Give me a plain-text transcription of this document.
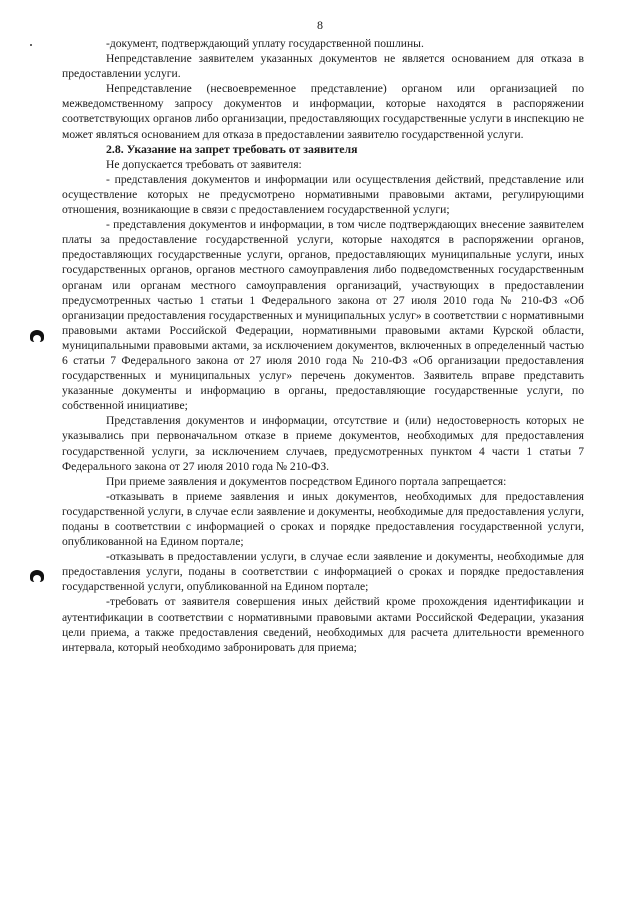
8

-документ, подтверждающий уплату государственной пошлины.

Непредставление заявителем указанных документов не является основанием для отказа в предоставлении услуги.

Непредставление (несвоевременное представление) органом или организацией по межведомственному запросу документов и информации, которые находятся в распоряжении соответствующих органов либо организации, предоставляющих государственные услуги в инспекцию не может являться основанием для отказа в предоставлении заявителю государственной услуги.

2.8. Указание на запрет требовать от заявителя

Не допускается требовать от заявителя:

- представления документов и информации или осуществления действий, представление или осуществление которых не предусмотрено нормативными правовыми актами, регулирующими отношения, возникающие в связи с предоставлением государственной услуги;

- представления документов и информации, в том числе подтверждающих внесение заявителем платы за предоставление государственной услуги, которые находятся в распоряжении органов, предоставляющих государственные услуги, органов, предоставляющих муниципальные услуги, иных государственных органов, органов местного самоуправления либо подведомственных государственным органам или органам местного самоуправления организаций, участвующих в предоставлении предусмотренных частью 1 статьи 1 Федерального закона от 27 июля 2010 года № 210-ФЗ «Об организации предоставления государственных и муниципальных услуг» в соответствии с нормативными правовыми актами Российской Федерации, нормативными правовыми актами Курской области, муниципальными правовыми актами, за исключением документов, включенных в определенный частью 6 статьи 7 Федерального закона от 27 июля 2010 года № 210-ФЗ «Об организации предоставления государственных и муниципальных услуг» перечень документов. Заявитель вправе представить указанные документы и информацию в органы, предоставляющие государственные услуги, по собственной инициативе;

Представления документов и информации, отсутствие и (или) недостоверность которых не указывались при первоначальном отказе в приеме документов, необходимых для предоставления государственной услуги, за исключением случаев, предусмотренных пунктом 4 части 1 статьи 7 Федерального закона от 27 июля 2010 года № 210-ФЗ.

При приеме заявления и документов посредством Единого портала запрещается:

-отказывать в приеме заявления и иных документов, необходимых для предоставления государственной услуги, в случае если заявление и документы, необходимые для предоставления услуги, поданы в соответствии с информацией о сроках и порядке предоставления государственной услуги, опубликованной на Едином портале;

-отказывать в предоставлении услуги, в случае если заявление и документы, необходимые для предоставления услуги, поданы в соответствии с информацией о сроках и порядке предоставления государственной услуги, опубликованной на Едином портале;

-требовать от заявителя совершения иных действий кроме прохождения идентификации и аутентификации в соответствии с нормативными правовыми актами Российской Федерации, указания цели приема, а также предоставления сведений, необходимых для расчета длительности временного интервала, который необходимо забронировать для приема;
